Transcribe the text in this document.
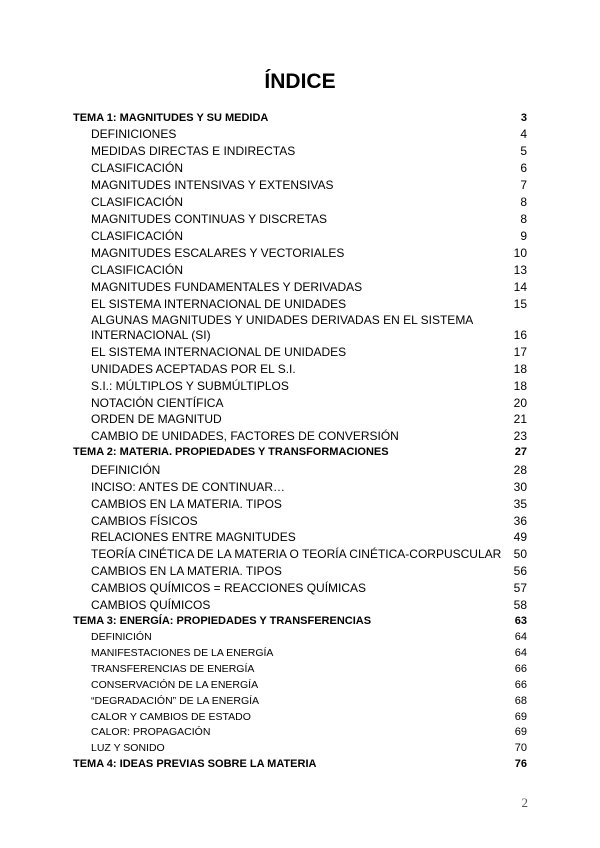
ÍNDICE
TEMA 1: MAGNITUDES Y SU MEDIDA	3
DEFINICIONES	4
MEDIDAS DIRECTAS E INDIRECTAS	5
CLASIFICACIÓN	6
MAGNITUDES INTENSIVAS Y EXTENSIVAS	7
CLASIFICACIÓN	8
MAGNITUDES CONTINUAS Y DISCRETAS	8
CLASIFICACIÓN	9
MAGNITUDES ESCALARES Y VECTORIALES	10
CLASIFICACIÓN	13
MAGNITUDES FUNDAMENTALES Y DERIVADAS	14
EL SISTEMA INTERNACIONAL DE UNIDADES	15
ALGUNAS MAGNITUDES Y UNIDADES DERIVADAS EN EL SISTEMA
INTERNACIONAL (SI)	16
EL SISTEMA INTERNACIONAL DE UNIDADES	17
UNIDADES ACEPTADAS POR EL S.I.	18
S.I.: MÚLTIPLOS Y SUBMÚLTIPLOS	18
NOTACIÓN CIENTÍFICA	20
ORDEN DE MAGNITUD	21
CAMBIO DE UNIDADES, FACTORES DE CONVERSIÓN	23
TEMA 2: MATERIA. PROPIEDADES Y TRANSFORMACIONES	27
DEFINICIÓN	28
INCISO: ANTES DE CONTINUAR…	30
CAMBIOS EN LA MATERIA. TIPOS	35
CAMBIOS FÍSICOS	36
RELACIONES ENTRE MAGNITUDES	49
TEORÍA CINÉTICA DE LA MATERIA O TEORÍA CINÉTICA-CORPUSCULAR 50
CAMBIOS EN LA MATERIA. TIPOS	56
CAMBIOS QUÍMICOS = REACCIONES QUÍMICAS	57
CAMBIOS QUÍMICOS	58
TEMA 3: ENERGÍA: PROPIEDADES Y TRANSFERENCIAS	63
DEFINICIÓN	64
MANIFESTACIONES DE LA ENERGÍA	64
TRANSFERENCIAS DE ENERGÍA	66
CONSERVACIÓN DE LA ENERGÍA	66
“DEGRADACIÓN” DE LA ENERGÍA	68
CALOR Y CAMBIOS DE ESTADO	69
CALOR: PROPAGACIÓN	69
LUZ Y SONIDO	70
TEMA 4: IDEAS PREVIAS SOBRE LA MATERIA	76
2
